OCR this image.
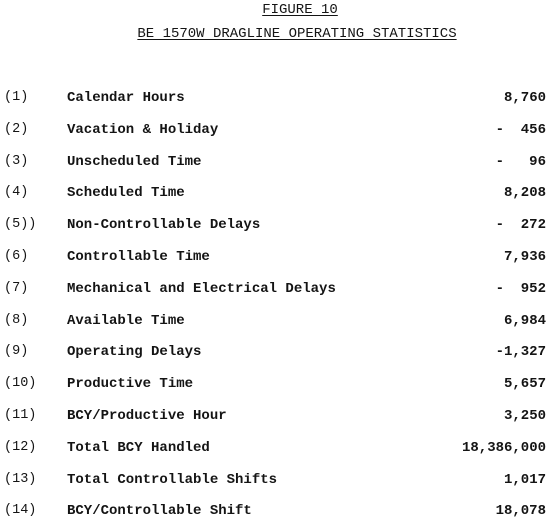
FIGURE 10
BE 1570W DRAGLINE OPERATING STATISTICS
(1)	Calendar Hours	8,760
(2)	Vacation & Holiday	-  456
(3)	Unscheduled Time	-   96
(4)	Scheduled Time	8,208
(5)) Non-Controllable Delays	-  272
(6)	Controllable Time	7,936
(7)	Mechanical and Electrical Delays	-  952
(8)	Available Time	6,984
(9)	Operating Delays	-1,327
(10) Productive Time	5,657
(11) BCY/Productive Hour	3,250
(12) Total BCY Handled	18,386,000
(13) Total Controllable Shifts	1,017
(14) BCY/Controllable Shift	18,078
